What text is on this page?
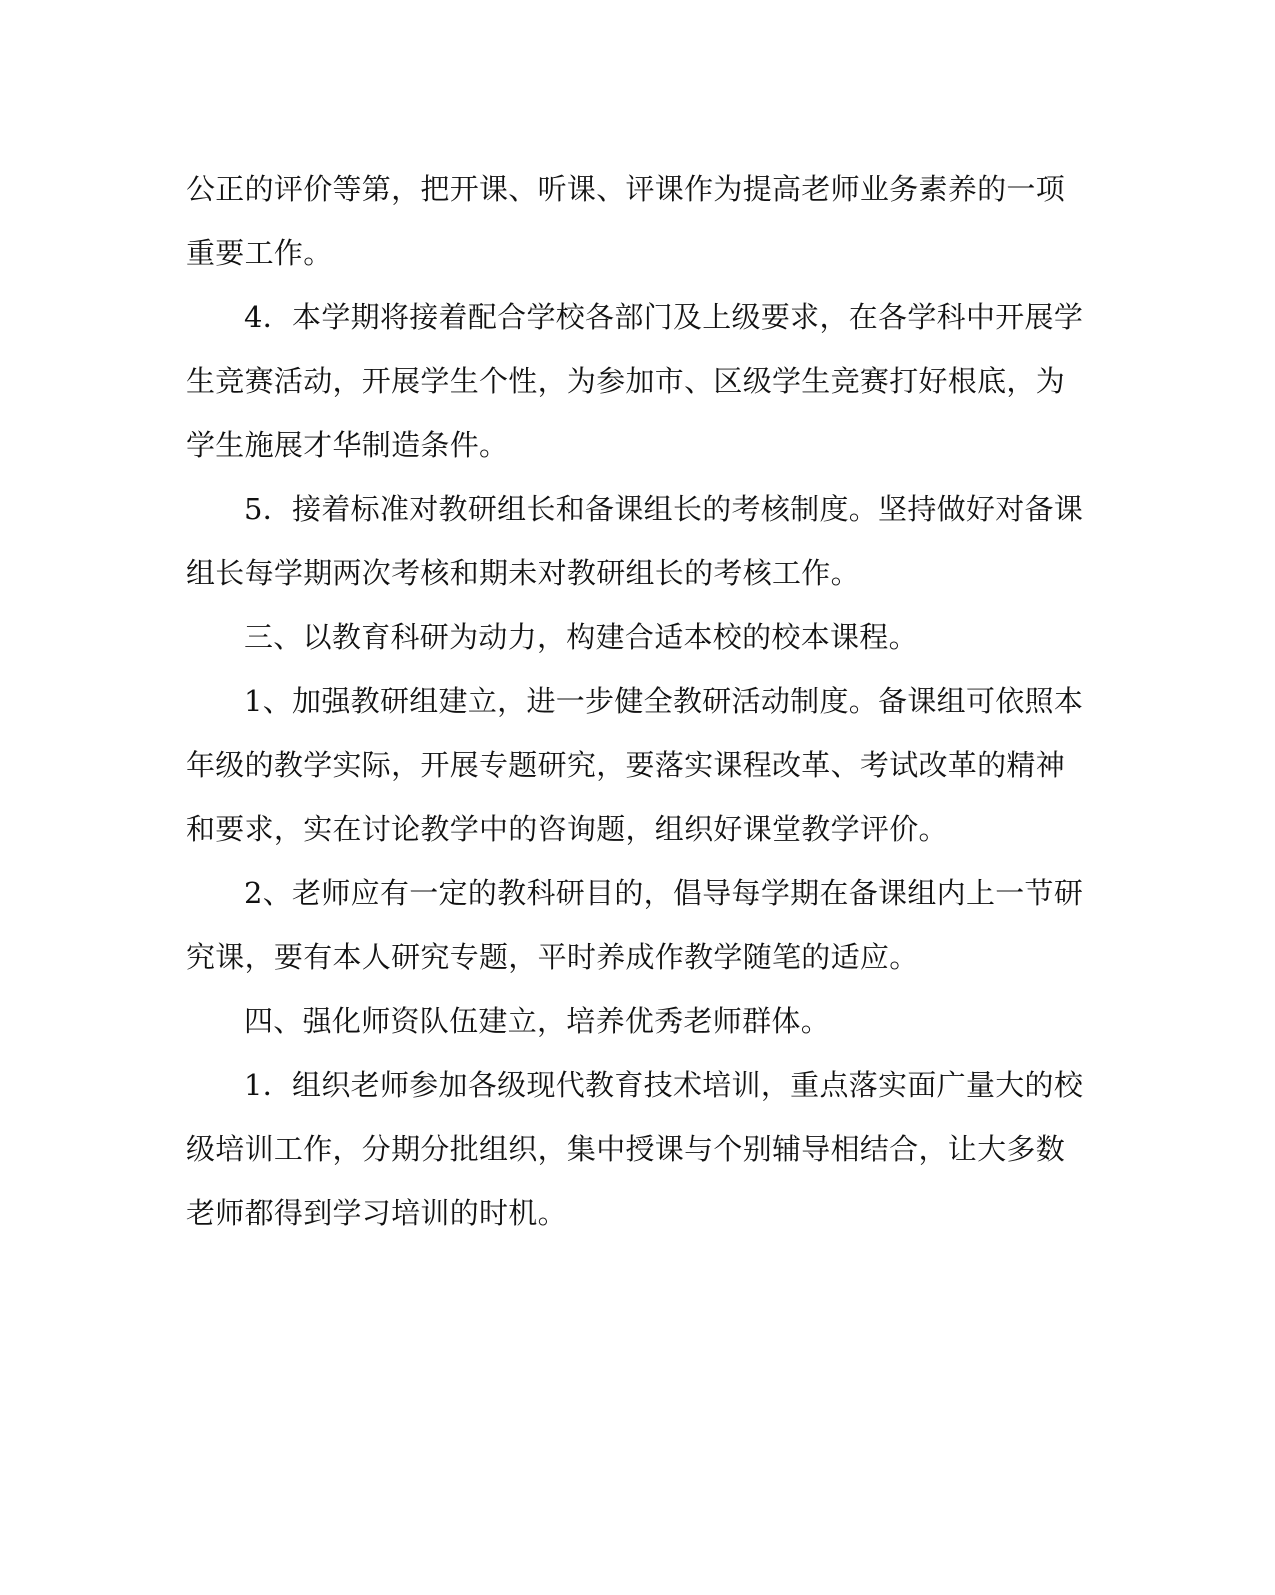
公正的评价等第，把开课、听课、评课作为提高老师业务素养的一项
重要工作。
4．本学期将接着配合学校各部门及上级要求，在各学科中开展学
生竞赛活动，开展学生个性，为参加市、区级学生竞赛打好根底，为
学生施展才华制造条件。
5．接着标准对教研组长和备课组长的考核制度。坚持做好对备课
组长每学期两次考核和期未对教研组长的考核工作。
三、以教育科研为动力，构建合适本校的校本课程。
1、加强教研组建立，进一步健全教研活动制度。备课组可依照本
年级的教学实际，开展专题研究，要落实课程改革、考试改革的精神
和要求，实在讨论教学中的咨询题，组织好课堂教学评价。
2、老师应有一定的教科研目的，倡导每学期在备课组内上一节研
究课，要有本人研究专题，平时养成作教学随笔的适应。
四、强化师资队伍建立，培养优秀老师群体。
1．组织老师参加各级现代教育技术培训，重点落实面广量大的校
级培训工作，分期分批组织，集中授课与个别辅导相结合，让大多数
老师都得到学习培训的时机。
